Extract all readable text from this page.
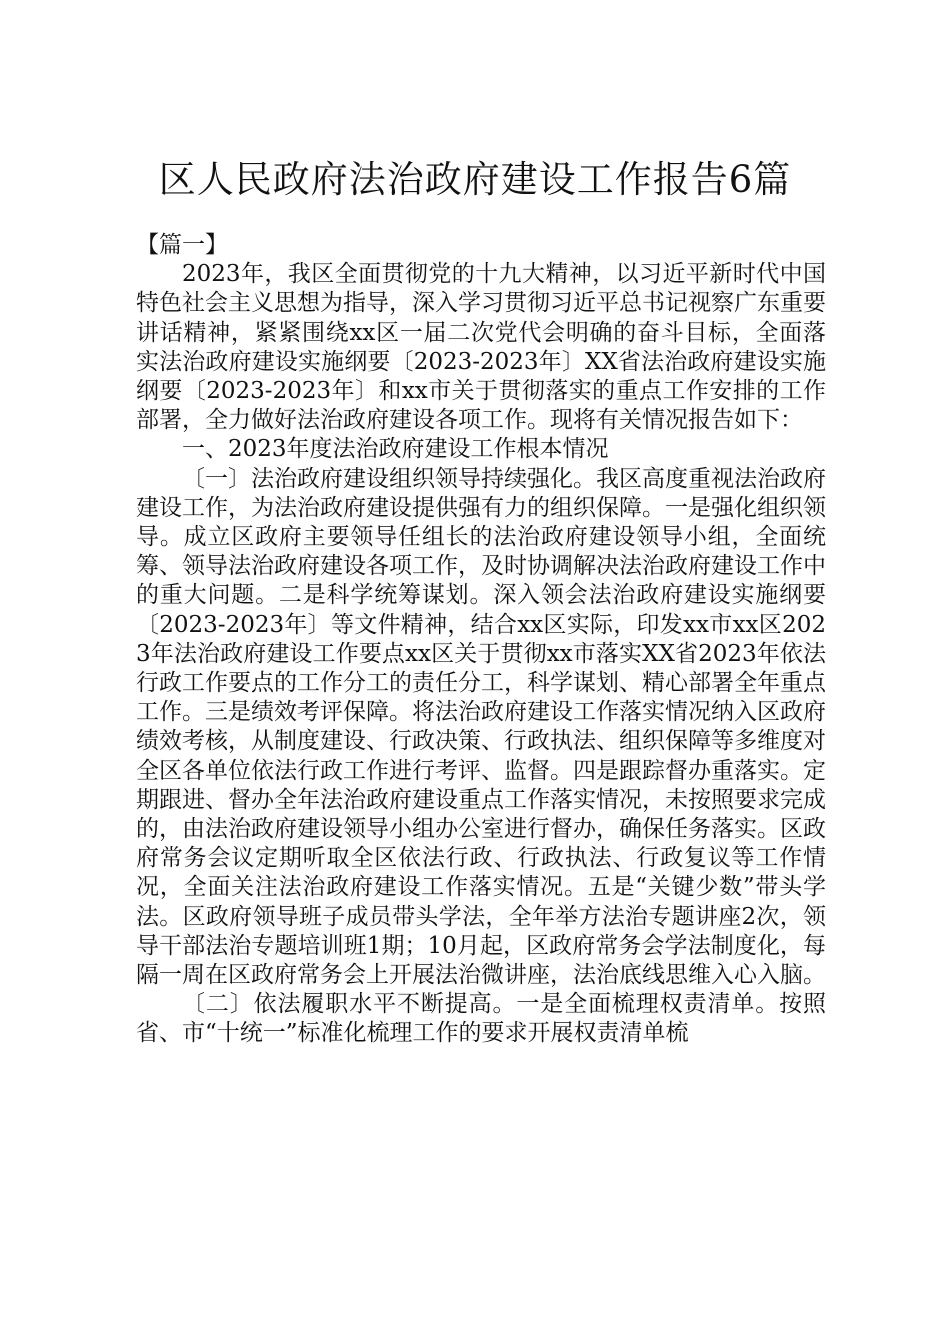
区人民政府法治政府建设工作报告6篇

【篇一】

2023年，我区全面贯彻党的十九大精神，以习近平新时代中国特色社会主义思想为指导，深入学习贯彻习近平总书记视察广东重要讲话精神，紧紧围绕xx区一届二次党代会明确的奋斗目标，全面落实法治政府建设实施纲要〔2023-2023年〕XX省法治政府建设实施纲要〔2023-2023年〕和xx市关于贯彻落实的重点工作安排的工作部署，全力做好法治政府建设各项工作。现将有关情况报告如下：

一、2023年度法治政府建设工作根本情况

〔一〕法治政府建设组织领导持续强化。我区高度重视法治政府建设工作，为法治政府建设提供强有力的组织保障。一是强化组织领导。成立区政府主要领导任组长的法治政府建设领导小组，全面统筹、领导法治政府建设各项工作，及时协调解决法治政府建设工作中的重大问题。二是科学统筹谋划。深入领会法治政府建设实施纲要〔2023-2023年〕等文件精神，结合xx区实际，印发xx市xx区2023年法治政府建设工作要点xx区关于贯彻xx市落实XX省2023年依法行政工作要点的工作分工的责任分工，科学谋划、精心部署全年重点工作。三是绩效考评保障。将法治政府建设工作落实情况纳入区政府绩效考核，从制度建设、行政决策、行政执法、组织保障等多维度对全区各单位依法行政工作进行考评、监督。四是跟踪督办重落实。定期跟进、督办全年法治政府建设重点工作落实情况，未按照要求完成的，由法治政府建设领导小组办公室进行督办，确保任务落实。区政府常务会议定期听取全区依法行政、行政执法、行政复议等工作情况，全面关注法治政府建设工作落实情况。五是“关键少数”带头学法。区政府领导班子成员带头学法，全年举方法治专题讲座2次，领导干部法治专题培训班1期；10月起，区政府常务会学法制度化，每隔一周在区政府常务会上开展法治微讲座，法治底线思维入心入脑。

〔二〕依法履职水平不断提高。一是全面梳理权责清单。按照省、市“十统一”标准化梳理工作的要求开展权责清单梳
